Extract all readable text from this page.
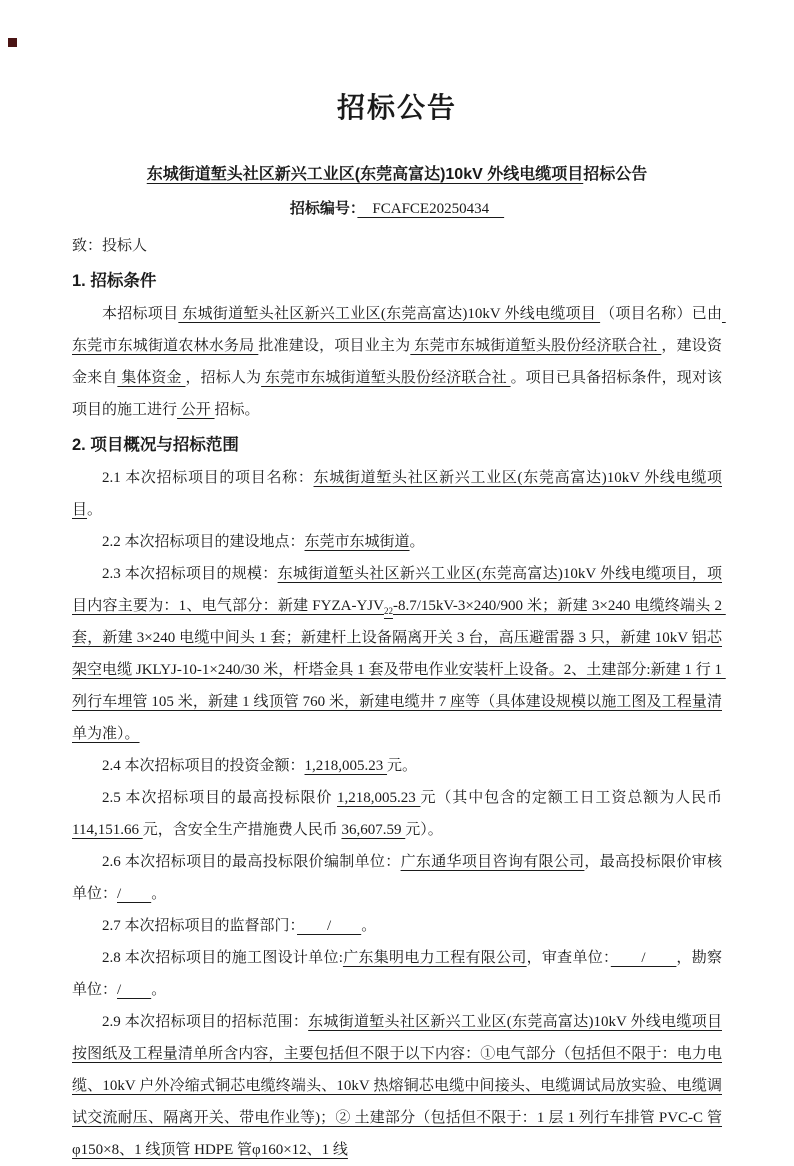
招标公告
东城街道堑头社区新兴工业区(东莞高富达)10kV 外线电缆项目招标公告
招标编号：　FCAFCE20250434　
致：投标人
1. 招标条件
本招标项目 东城街道堑头社区新兴工业区(东莞高富达)10kV 外线电缆项目 （项目名称）已由 东莞市东城街道农林水务局 批准建设，项目业主为 东莞市东城街道堑头股份经济联合社 ，建设资金来自 集体资金 ，招标人为 东莞市东城街道堑头股份经济联合社 。项目已具备招标条件，现对该项目的施工进行 公开 招标。
2. 项目概况与招标范围
2.1 本次招标项目的项目名称：东城街道堑头社区新兴工业区(东莞高富达)10kV 外线电缆项目。
2.2 本次招标项目的建设地点：东莞市东城街道。
2.3 本次招标项目的规模：东城街道堑头社区新兴工业区(东莞高富达)10kV 外线电缆项目，项目内容主要为：1、电气部分：新建 FYZA-$YJV_{22}-8.7/15kV-3\times 240/900$ 米；新建 3×240 电缆终端头 2 套，新建 3×240 电缆中间头 1 套；新建杆上设备隔离开关 3 台，高压避雷器 3 只，新建 10kV 铝芯架空电缆 JKLYJ-10-1×240/30 米，杆塔金具 1 套及带电作业安装杆上设备。2、土建部分:新建 1 行 1 列行车埋管 105 米，新建 1 线顶管 760 米，新建电缆井 7 座等（具体建设规模以施工图及工程量清单为准）。
2.4 本次招标项目的投资金额：1,218,005.23 元。
2.5 本次招标项目的最高投标限价 1,218,005.23 元（其中包含的定额工日工资总额为人民币 114,151.66 元，含安全生产措施费人民币 36,607.59 元）。
2.6 本次招标项目的最高投标限价编制单位：广东通华项目咨询有限公司，最高投标限价审核单位：/　　。
2.7 本次招标项目的监督部门：　　/　　。
2.8 本次招标项目的施工图设计单位:广东集明电力工程有限公司，审查单位：　　/　　，勘察单位：/　　。
2.9 本次招标项目的招标范围：东城街道堑头社区新兴工业区(东莞高富达)10kV 外线电缆项目按图纸及工程量清单所含内容，主要包括但不限于以下内容：①电气部分（包括但不限于：电力电缆、10kV 户外冷缩式铜芯电缆终端头、10kV 热熔铜芯电缆中间接头、电缆调试局放实验、电缆调试交流耐压、隔离开关、带电作业等)；② 土建部分（包括但不限于：1 层 1 列行车排管 PVC-C 管φ150×8、1 线顶管 HDPE 管φ160×12、1 线
